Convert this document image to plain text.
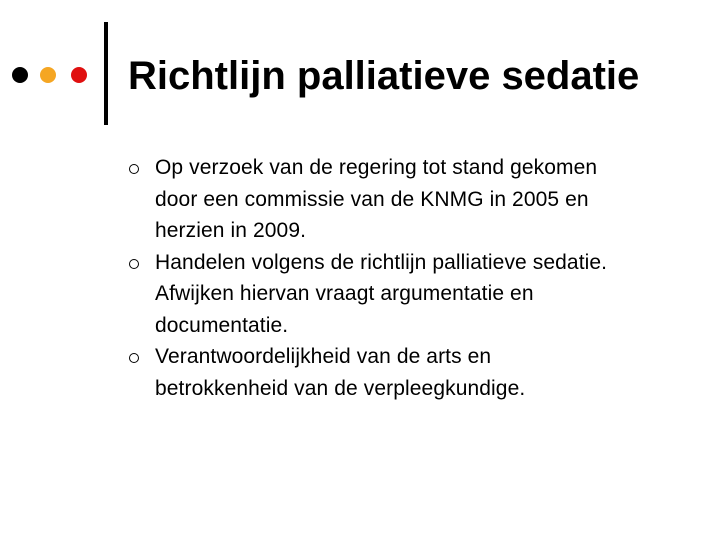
Richtlijn palliatieve sedatie
Op verzoek van de regering tot stand gekomen
door een commissie van de KNMG in 2005 en
herzien in 2009.
Handelen volgens de richtlijn palliatieve sedatie.
Afwijken hiervan vraagt argumentatie en
documentatie.
Verantwoordelijkheid van de arts en
betrokkenheid van de verpleegkundige.
